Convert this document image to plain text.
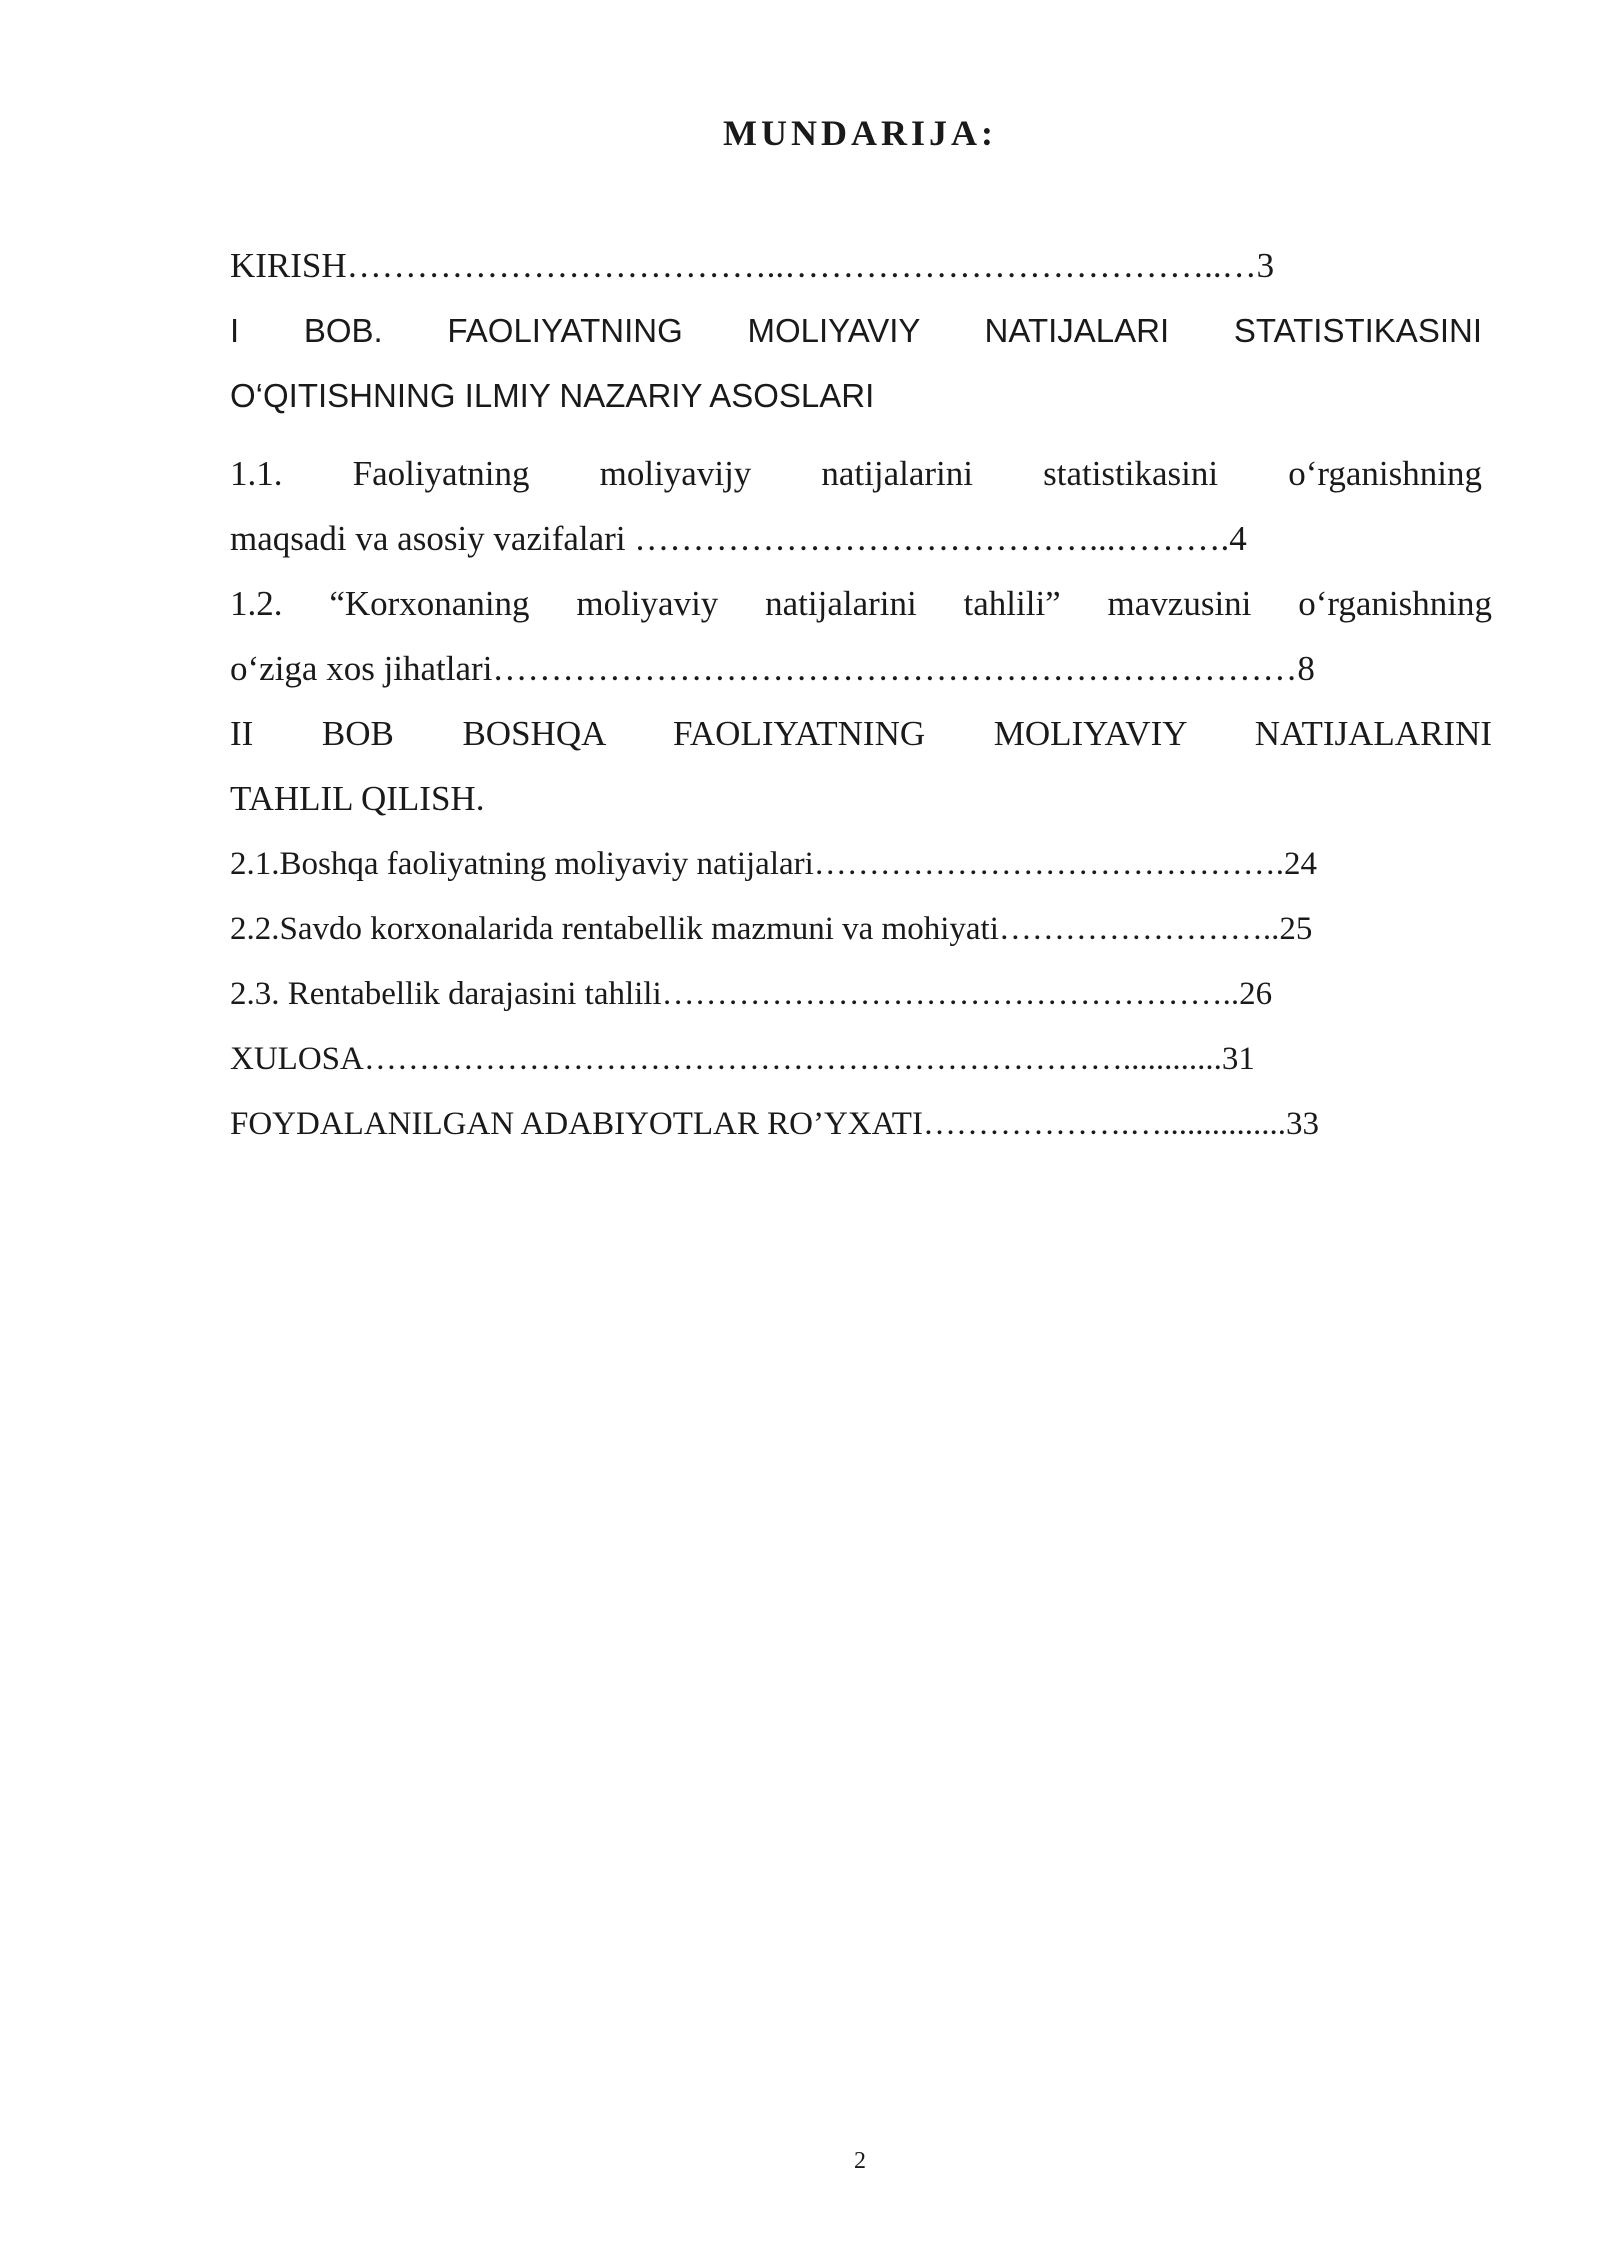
MUNDARIJA:
KIRISH………………………………..………………………………..…3
I BOB. FAOLIYATNING MOLIYAVIY NATIJALARI STATISTIKASINI
O‘QITISHNING ILMIY NAZARIY ASOSLARI
1.1. Faoliyatning moliyavijy natijalarini statistikasini o‘rganishning
maqsadi va asosiy vazifalari …………………………………...……….4
1.2. “Korxonaning moliyaviy natijalarini tahlili” mavzusini o‘rganishning
o‘ziga xos jihatlari……………………………………………………………8
II BOB BOSHQA FAOLIYATNING MOLIYAVIY NATIJALARINI
TAHLIL QILISH.
2.1.Boshqa faoliyatning moliyaviy natijalari…………………………………….24
2.2.Savdo korxonalarida rentabellik mazmuni va mohiyati……………………..25
2.3. Rentabellik darajasini tahlili……………………………………………..26
XULOSA……………………………………………………………............31
FOYDALANILGAN ADABIYOTLAR RO’YXATI……………….…...............33
2
